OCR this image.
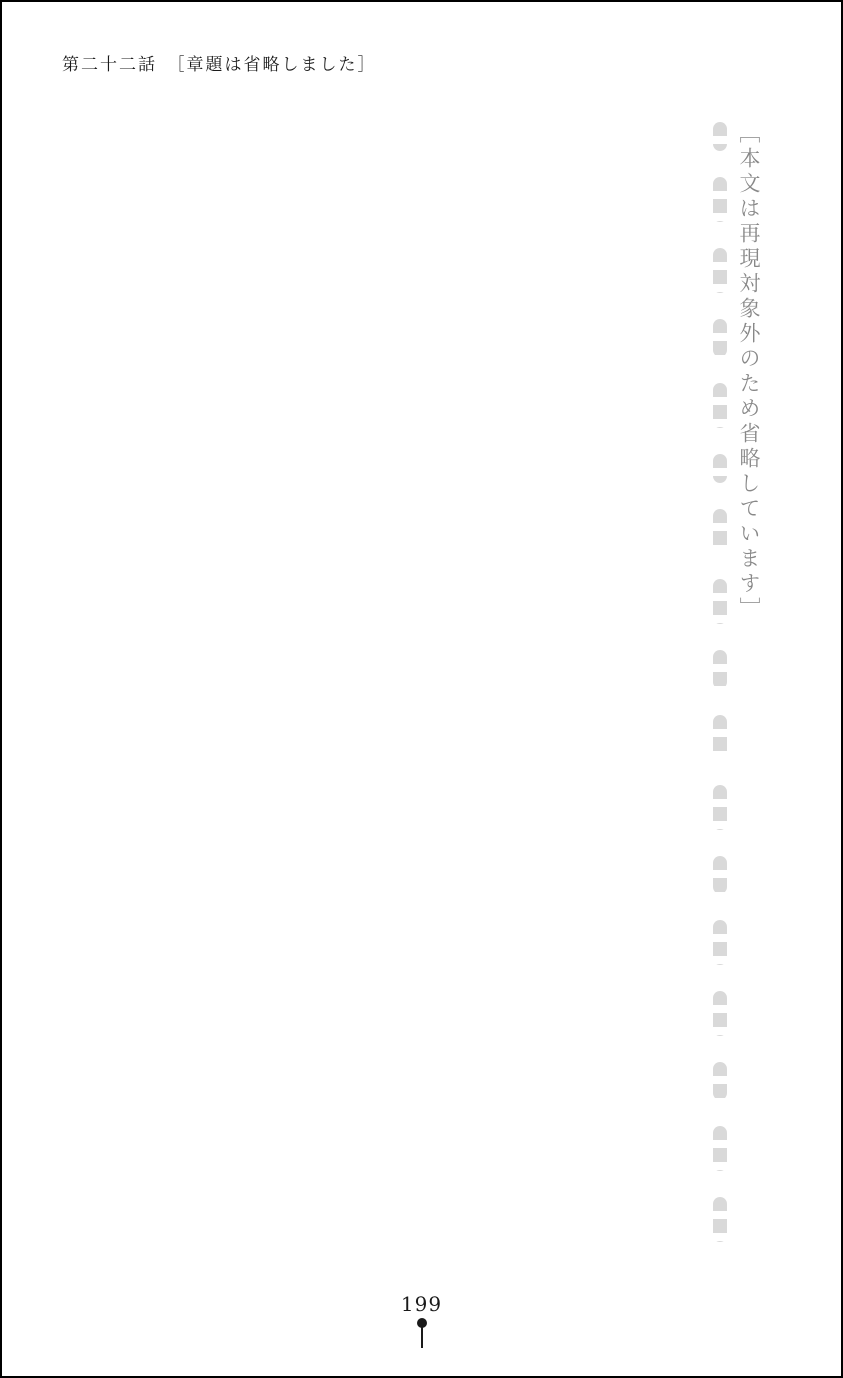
第二十二話　［章題は省略しました］
［本文は再現対象外のため省略しています］
199
